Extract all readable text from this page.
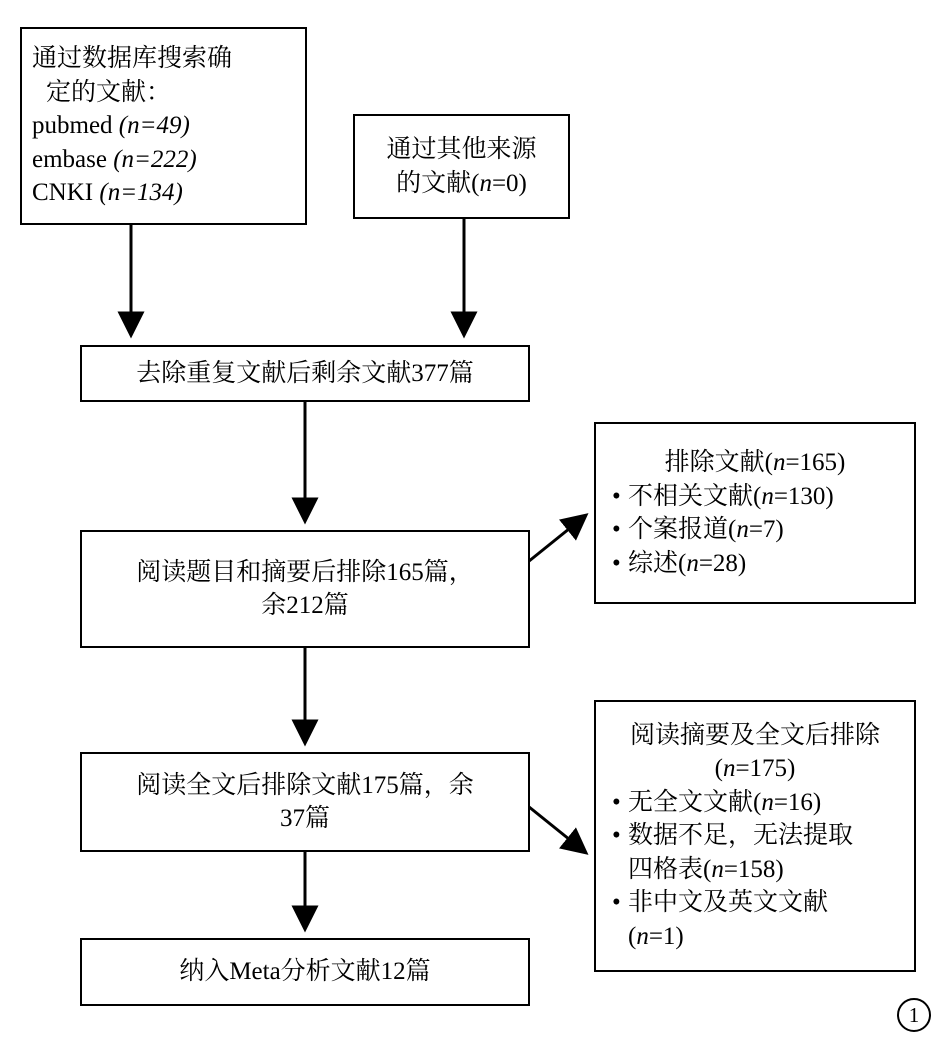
通过数据库搜索确
定的文献：
pubmed (n=49)
embase (n=222)
CNKI (n=134)
通过其他来源
的文献(n=0)
去除重复文献后剩余文献377篇
阅读题目和摘要后排除165篇，
余212篇
排除文献(n=165)
• 不相关文献(n=130)
• 个案报道(n=7)
• 综述(n=28)
阅读全文后排除文献175篇，余
37篇
阅读摘要及全文后排除
(n=175)
• 无全文文献(n=16)
• 数据不足，无法提取
四格表(n=158)
• 非中文及英文文献
(n=1)
纳入Meta分析文献12篇
1
